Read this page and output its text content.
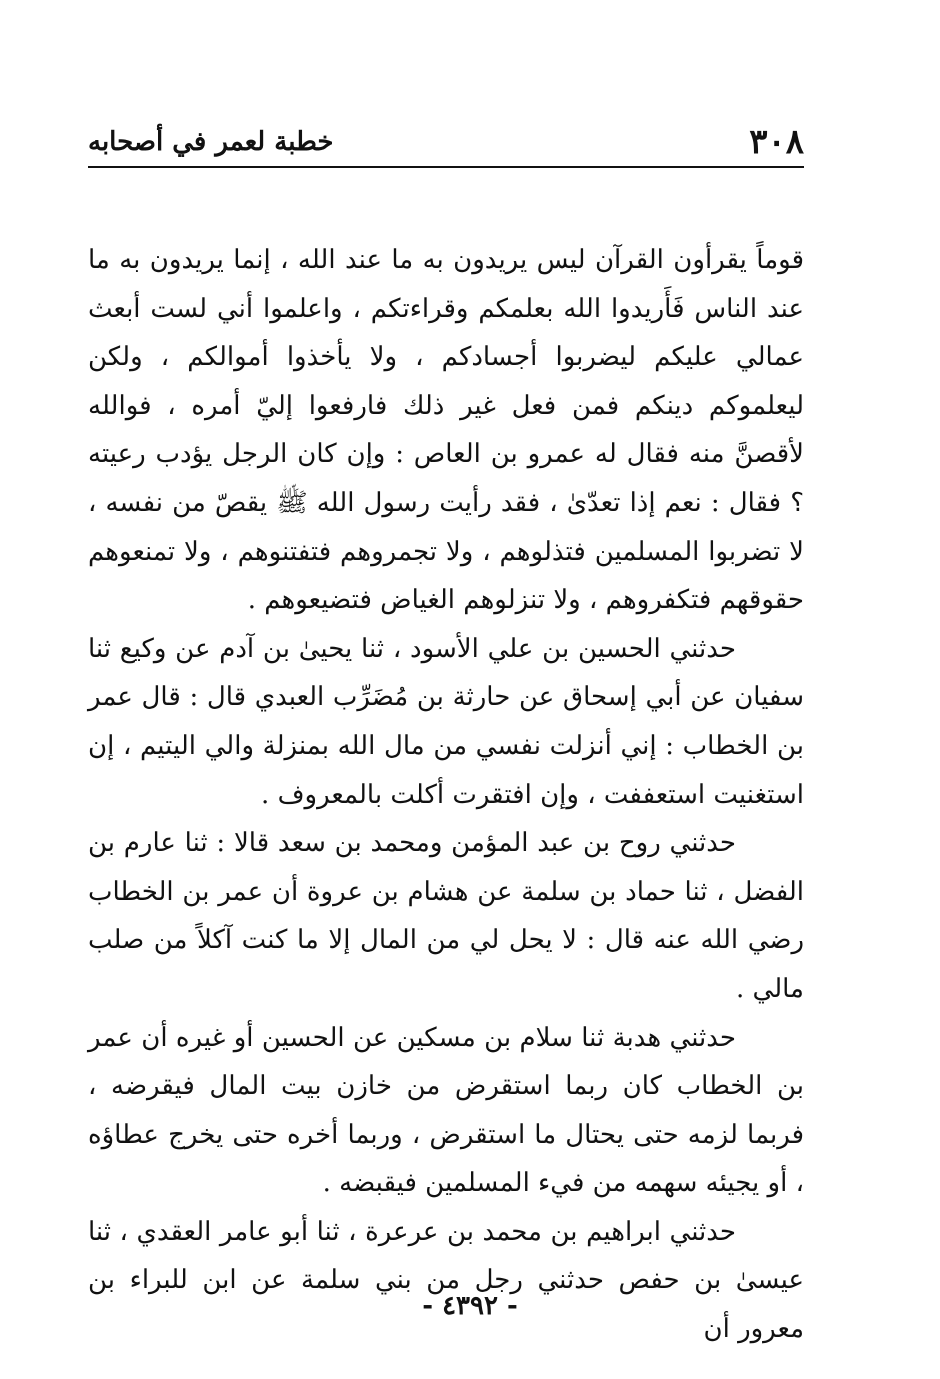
٣٠٨
خطبة لعمر في أصحابه

قوماً يقرأون القرآن ليس يريدون به ما عند الله ، إنما يريدون به ما عند الناس فَأَريدوا الله بعلمكم وقراءتكم ، واعلموا أني لست أبعث عمالي عليكم ليضربوا أجسادكم ، ولا يأخذوا أموالكم ، ولكن ليعلموكم دينكم فمن فعل غير ذلك فارفعوا إليّ أمره ، فوالله لأقصنَّ منه فقال له عمرو بن العاص : وإن كان الرجل يؤدب رعيته ؟ فقال : نعم إذا تعدّىٰ ، فقد رأيت رسول الله ﷺ يقصّ من نفسه ، لا تضربوا المسلمين فتذلوهم ، ولا تجمروهم فتفتنوهم ، ولا تمنعوهم حقوقهم فتكفروهم ، ولا تنزلوهم الغياض فتضيعوهم .

حدثني الحسين بن علي الأسود ، ثنا يحيىٰ بن آدم عن وكيع ثنا سفيان عن أبي إسحاق عن حارثة بن مُضَرِّب العبدي قال : قال عمر بن الخطاب : إني أنزلت نفسي من مال الله بمنزلة والي اليتيم ، إن استغنيت استعففت ، وإن افتقرت أكلت بالمعروف .

حدثني روح بن عبد المؤمن ومحمد بن سعد قالا : ثنا عارم بن الفضل ، ثنا حماد بن سلمة عن هشام بن عروة أن عمر بن الخطاب رضي الله عنه قال : لا يحل لي من المال إلا ما كنت آكلاً من صلب مالي .

حدثني هدبة ثنا سلام بن مسكين عن الحسين أو غيره أن عمر بن الخطاب كان ربما استقرض من خازن بيت المال فيقرضه ، فربما لزمه حتى يحتال ما استقرض ، وربما أخره حتى يخرج عطاؤه ، أو يجيئه سهمه من فيء المسلمين فيقبضه .

حدثني ابراهيم بن محمد بن عرعرة ، ثنا أبو عامر العقدي ، ثنا عيسىٰ بن حفص حدثني رجل من بني سلمة عن ابن للبراء بن معرور أن

- ٤٣٩٢ -
